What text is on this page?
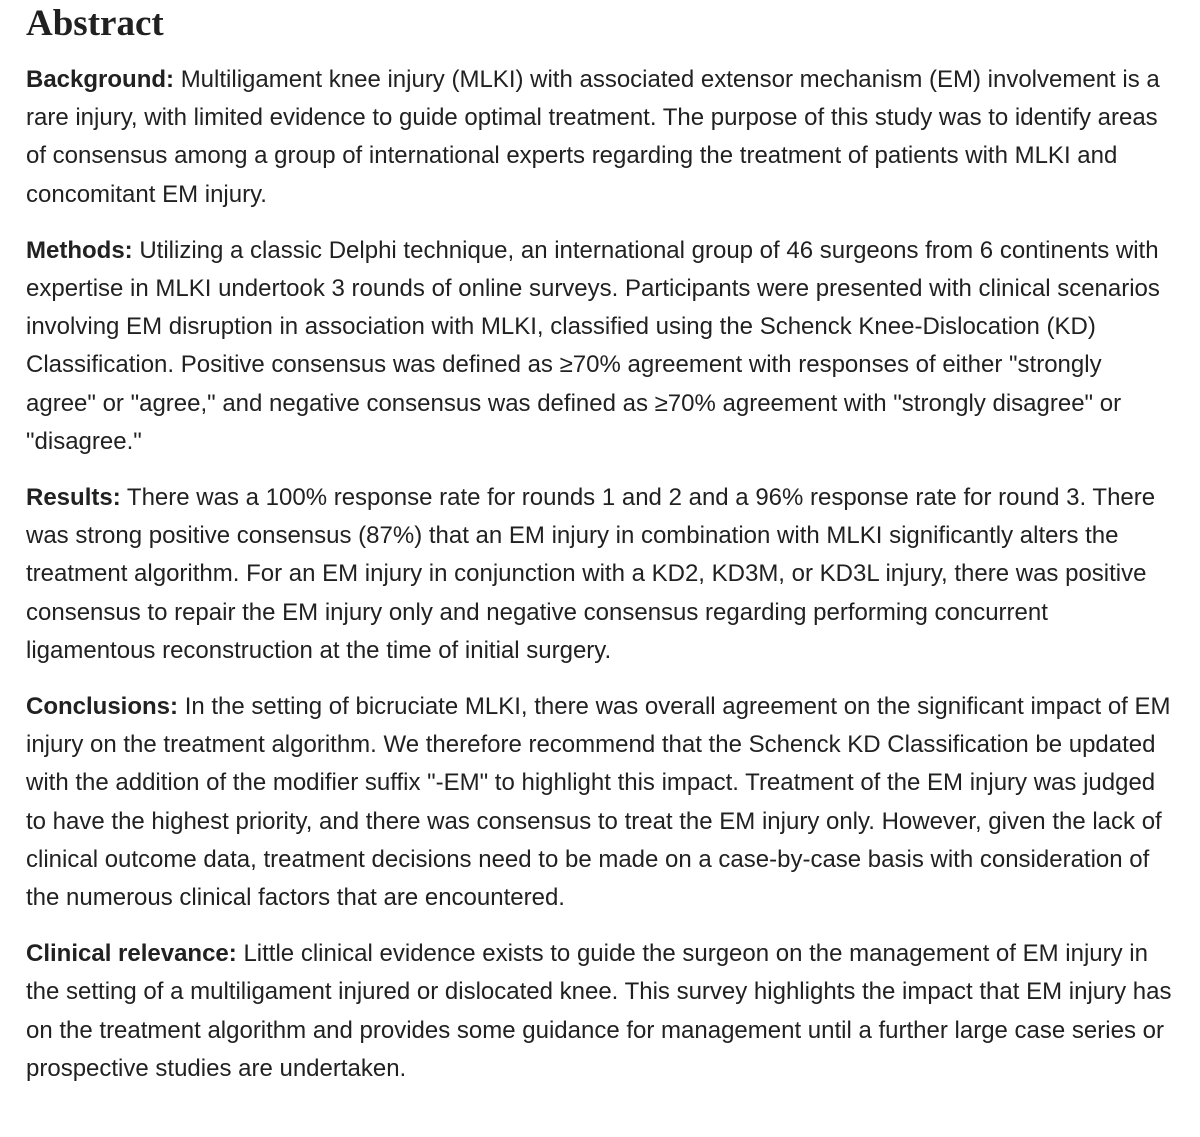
Abstract

Background: Multiligament knee injury (MLKI) with associated extensor mechanism (EM) involvement is a rare injury, with limited evidence to guide optimal treatment. The purpose of this study was to identify areas of consensus among a group of international experts regarding the treatment of patients with MLKI and concomitant EM injury.

Methods: Utilizing a classic Delphi technique, an international group of 46 surgeons from 6 continents with expertise in MLKI undertook 3 rounds of online surveys. Participants were presented with clinical scenarios involving EM disruption in association with MLKI, classified using the Schenck Knee-Dislocation (KD) Classification. Positive consensus was defined as ≥70% agreement with responses of either "strongly agree" or "agree," and negative consensus was defined as ≥70% agreement with "strongly disagree" or "disagree."

Results: There was a 100% response rate for rounds 1 and 2 and a 96% response rate for round 3. There was strong positive consensus (87%) that an EM injury in combination with MLKI significantly alters the treatment algorithm. For an EM injury in conjunction with a KD2, KD3M, or KD3L injury, there was positive consensus to repair the EM injury only and negative consensus regarding performing concurrent ligamentous reconstruction at the time of initial surgery.

Conclusions: In the setting of bicruciate MLKI, there was overall agreement on the significant impact of EM injury on the treatment algorithm. We therefore recommend that the Schenck KD Classification be updated with the addition of the modifier suffix "-EM" to highlight this impact. Treatment of the EM injury was judged to have the highest priority, and there was consensus to treat the EM injury only. However, given the lack of clinical outcome data, treatment decisions need to be made on a case-by-case basis with consideration of the numerous clinical factors that are encountered.

Clinical relevance: Little clinical evidence exists to guide the surgeon on the management of EM injury in the setting of a multiligament injured or dislocated knee. This survey highlights the impact that EM injury has on the treatment algorithm and provides some guidance for management until a further large case series or prospective studies are undertaken.
